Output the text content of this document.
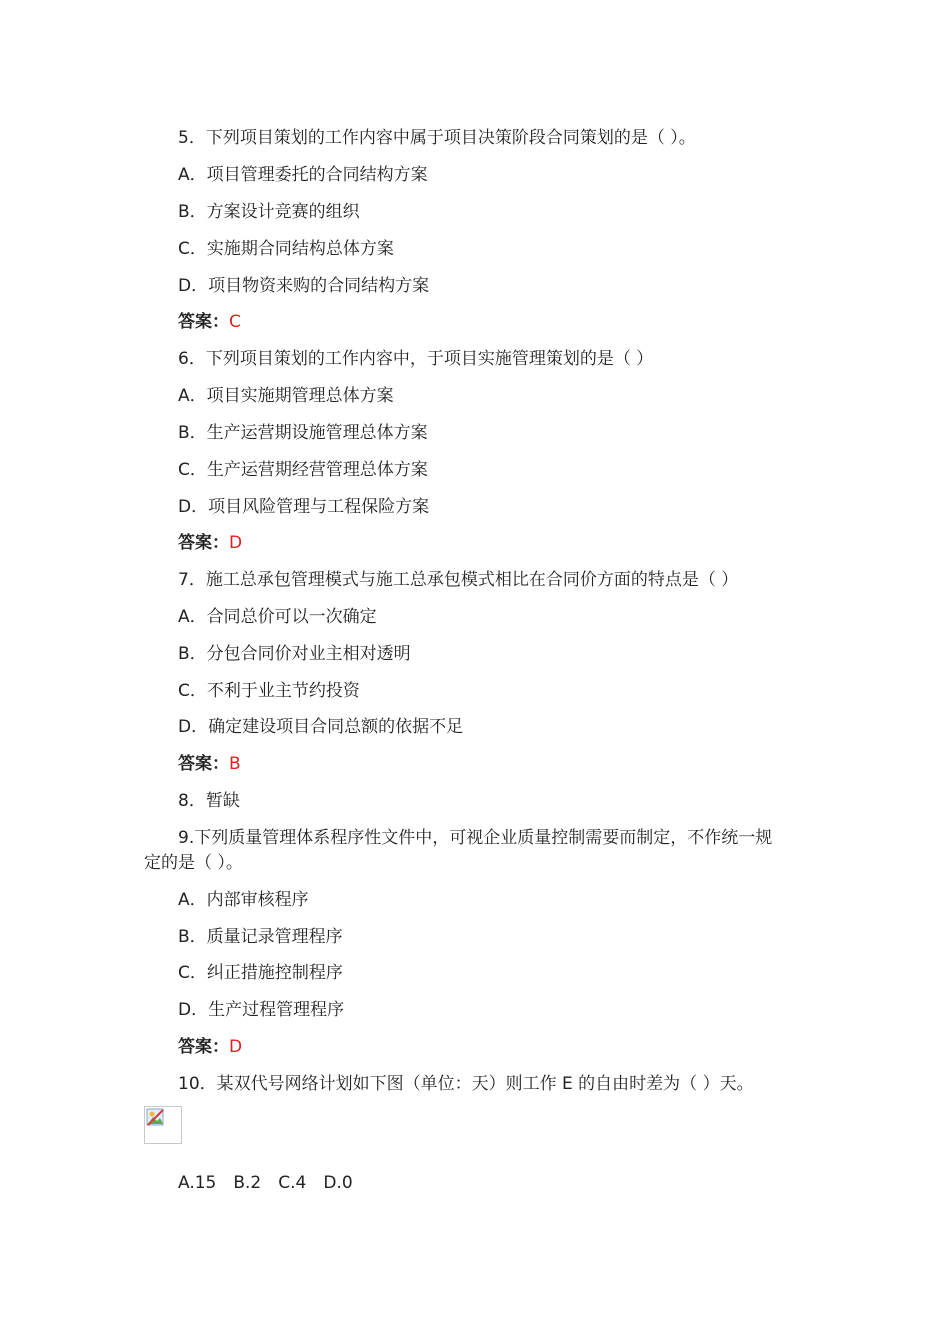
5．下列项目策划的工作内容中属于项目决策阶段合同策划的是（ ）。
A．项目管理委托的合同结构方案
B．方案设计竞赛的组织
C．实施期合同结构总体方案
D．项目物资来购的合同结构方案
答案：C
6．下列项目策划的工作内容中，于项目实施管理策划的是（ ）
A．项目实施期管理总体方案
B．生产运营期设施管理总体方案
C．生产运营期经营管理总体方案
D．项目风险管理与工程保险方案
答案：D
7．施工总承包管理模式与施工总承包模式相比在合同价方面的特点是（ ）
A．合同总价可以一次确定
B．分包合同价对业主相对透明
C．不利于业主节约投资
D．确定建设项目合同总额的依据不足
答案：B
8．暂缺
9.下列质量管理体系程序性文件中，可视企业质量控制需要而制定，不作统一规
定的是（ ）。
A．内部审核程序
B．质量记录管理程序
C．纠正措施控制程序
D．生产过程管理程序
答案：D
10．某双代号网络计划如下图（单位：天）则工作 E 的自由时差为（ ）天。
A.15　B.2　C.4　D.0
